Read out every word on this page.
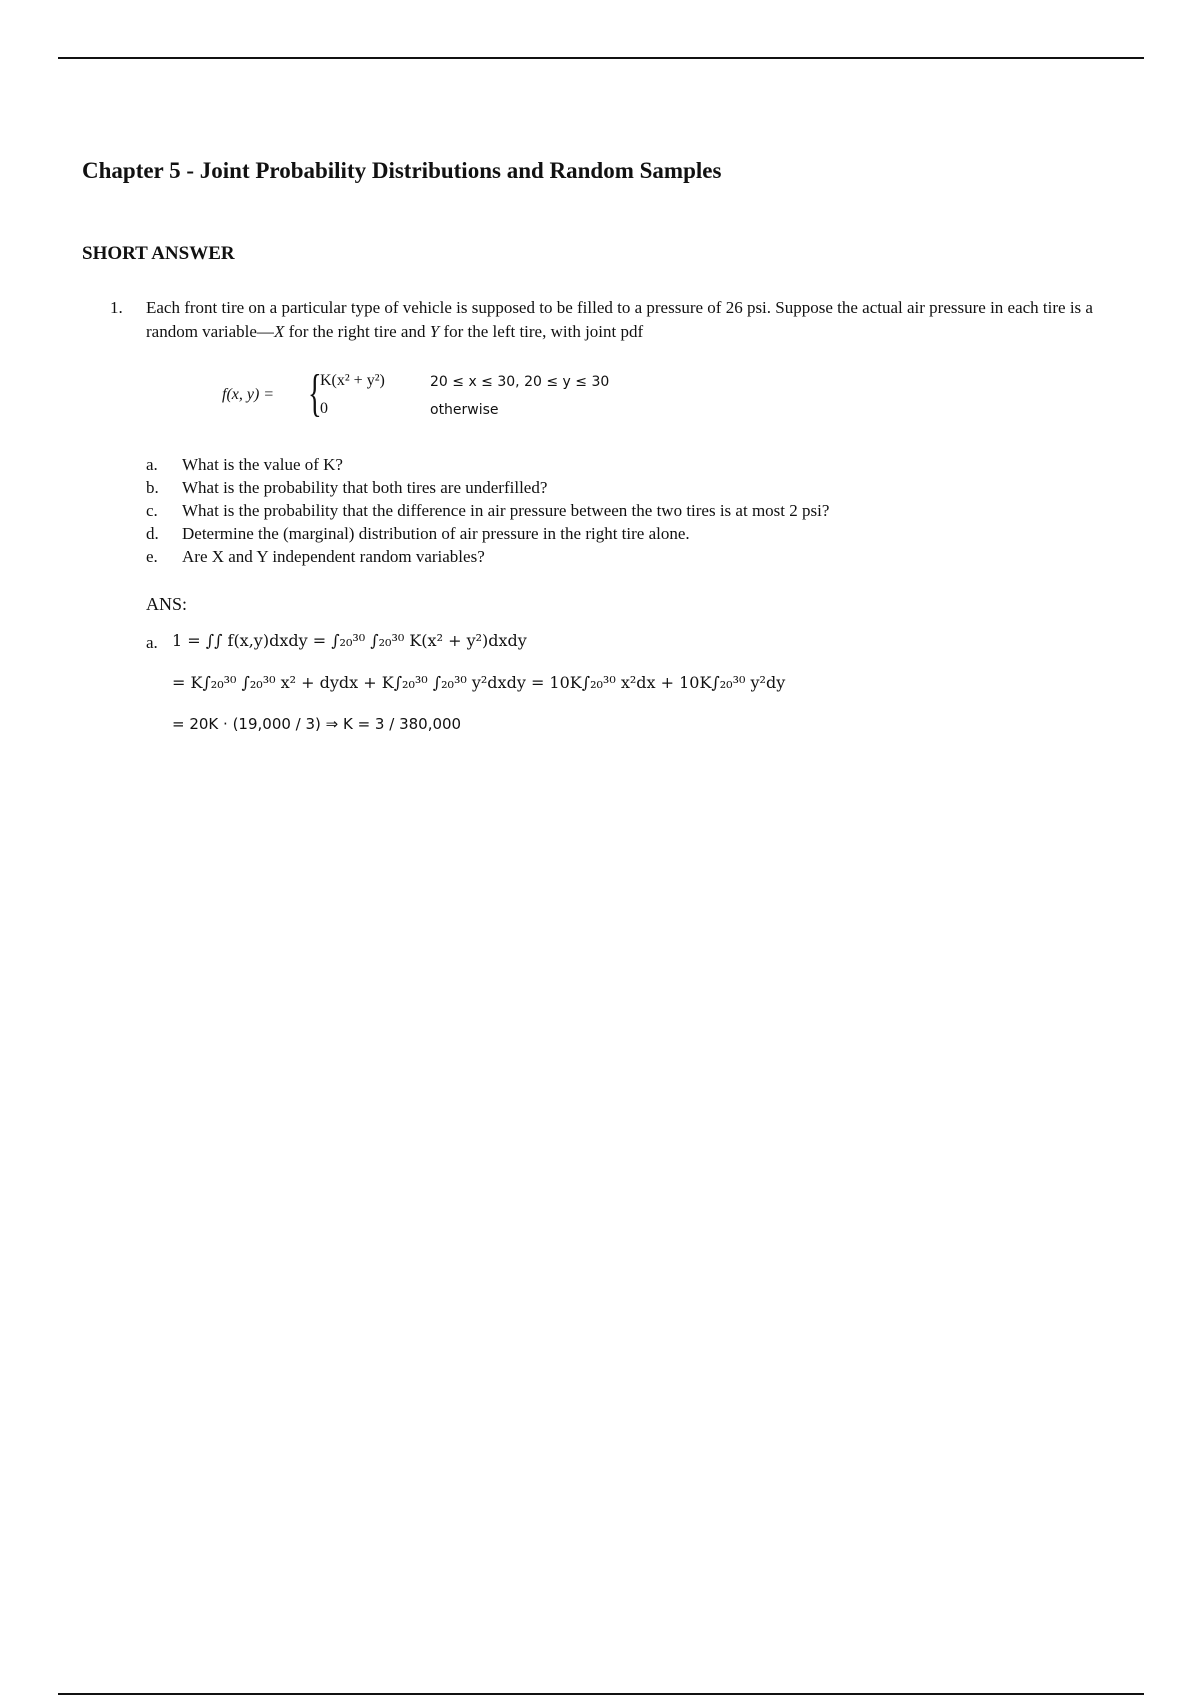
Chapter 5 - Joint Probability Distributions and Random Samples
SHORT ANSWER
1. Each front tire on a particular type of vehicle is supposed to be filled to a pressure of 26 psi. Suppose the actual air pressure in each tire is a random variable—X for the right tire and Y for the left tire, with joint pdf
f(x, y) = {
K(x² + y²)	20 ≤ x ≤ 30, 20 ≤ y ≤ 30
0	otherwise
a. What is the value of K?
b. What is the probability that both tires are underfilled?
c. What is the probability that the difference in air pressure between the two tires is at most 2 psi?
d. Determine the (marginal) distribution of air pressure in the right tire alone.
e. Are X and Y independent random variables?
ANS:
a. 1 = ∫∫ f(x,y)dxdy = ∫₂₀³⁰ ∫₂₀³⁰ K(x² + y²)dxdy
= K∫₂₀³⁰ ∫₂₀³⁰ x² + dydx + K∫₂₀³⁰ ∫₂₀³⁰ y²dxdy = 10K∫₂₀³⁰ x²dx + 10K∫₂₀³⁰ y²dy
= 20K · (19,000 / 3) ⇒ K = 3 / 380,000
